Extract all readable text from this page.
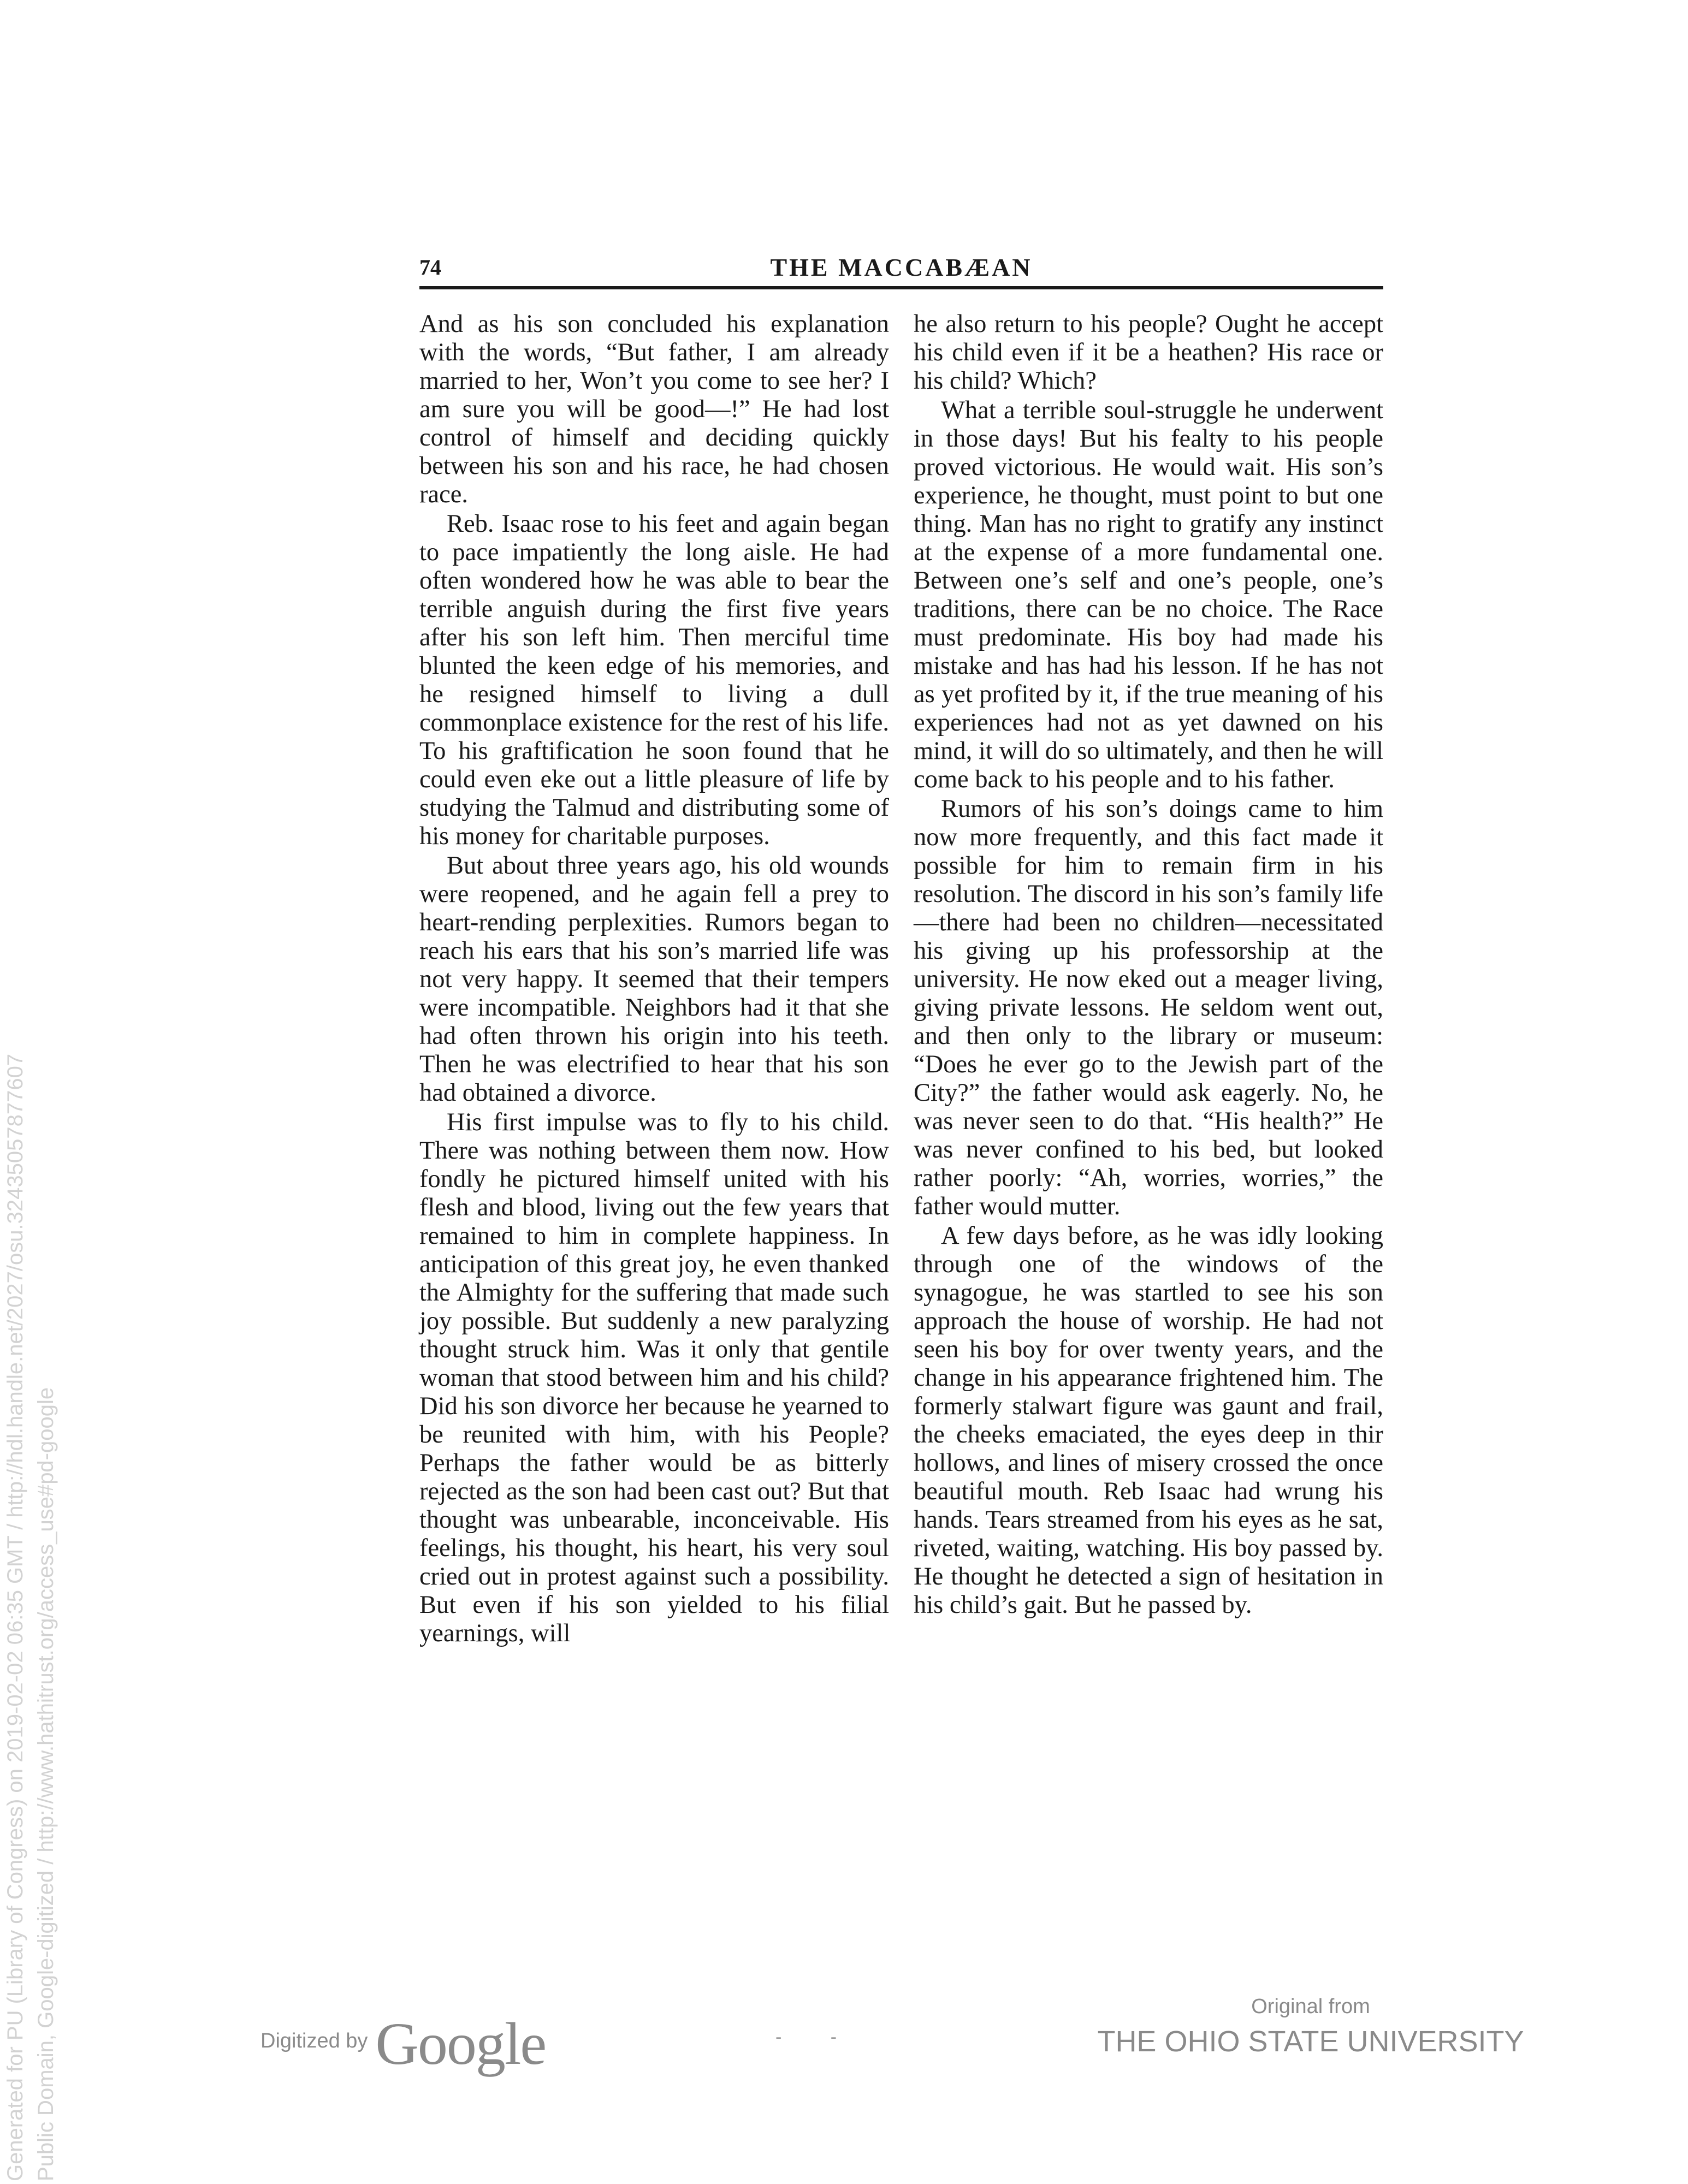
74	THE MACCABÆAN

And as his son concluded his explanation with the words, “But father, I am already married to her, Won’t you come to see her? I am sure you will be good—!” He had lost control of himself and deciding quickly between his son and his race, he had chosen race.

Reb. Isaac rose to his feet and again began to pace impatiently the long aisle. He had often wondered how he was able to bear the terrible anguish during the first five years after his son left him. Then merciful time blunted the keen edge of his memories, and he resigned himself to living a dull commonplace existence for the rest of his life. To his graftification he soon found that he could even eke out a little pleasure of life by studying the Talmud and distributing some of his money for charitable purposes.

But about three years ago, his old wounds were reopened, and he again fell a prey to heart-rending perplexities. Rumors began to reach his ears that his son’s married life was not very happy. It seemed that their tempers were incompatible. Neighbors had it that she had often thrown his origin into his teeth. Then he was electrified to hear that his son had obtained a divorce.

His first impulse was to fly to his child. There was nothing between them now. How fondly he pictured himself united with his flesh and blood, living out the few years that remained to him in complete happiness. In anticipation of this great joy, he even thanked the Almighty for the suffering that made such joy possible. But suddenly a new paralyzing thought struck him. Was it only that gentile woman that stood between him and his child? Did his son divorce her because he yearned to be reunited with him, with his People? Perhaps the father would be as bitterly rejected as the son had been cast out? But that thought was unbearable, inconceivable. His feelings, his thought, his heart, his very soul cried out in protest against such a possibility. But even if his son yielded to his filial yearnings, will

he also return to his people? Ought he accept his child even if it be a heathen? His race or his child? Which?

What a terrible soul-struggle he underwent in those days! But his fealty to his people proved victorious. He would wait. His son’s experience, he thought, must point to but one thing. Man has no right to gratify any instinct at the expense of a more fundamental one. Between one’s self and one’s people, one’s traditions, there can be no choice. The Race must predominate. His boy had made his mistake and has had his lesson. If he has not as yet profited by it, if the true meaning of his experiences had not as yet dawned on his mind, it will do so ultimately, and then he will come back to his people and to his father.

Rumors of his son’s doings came to him now more frequently, and this fact made it possible for him to remain firm in his resolution. The discord in his son’s family life—there had been no children—necessitated his giving up his professorship at the university. He now eked out a meager living, giving private lessons. He seldom went out, and then only to the library or museum: “Does he ever go to the Jewish part of the City?” the father would ask eagerly. No, he was never seen to do that. “His health?” He was never confined to his bed, but looked rather poorly: “Ah, worries, worries,” the father would mutter.

A few days before, as he was idly looking through one of the windows of the synagogue, he was startled to see his son approach the house of worship. He had not seen his boy for over twenty years, and the change in his appearance frightened him. The formerly stalwart figure was gaunt and frail, the cheeks emaciated, the eyes deep in thir hollows, and lines of misery crossed the once beautiful mouth. Reb Isaac had wrung his hands. Tears streamed from his eyes as he sat, riveted, waiting, watching. His boy passed by. He thought he detected a sign of hesitation in his child’s gait. But he passed by.

Digitized by Google	- -
Original from
THE OHIO STATE UNIVERSITY
Generated for PU (Library of Congress) on 2019-02-02 06:35 GMT / http://hdl.handle.net/2027/osu.32435057877607 Public Domain, Google-digitized / http://www.hathitrust.org/access_use#pd-google
